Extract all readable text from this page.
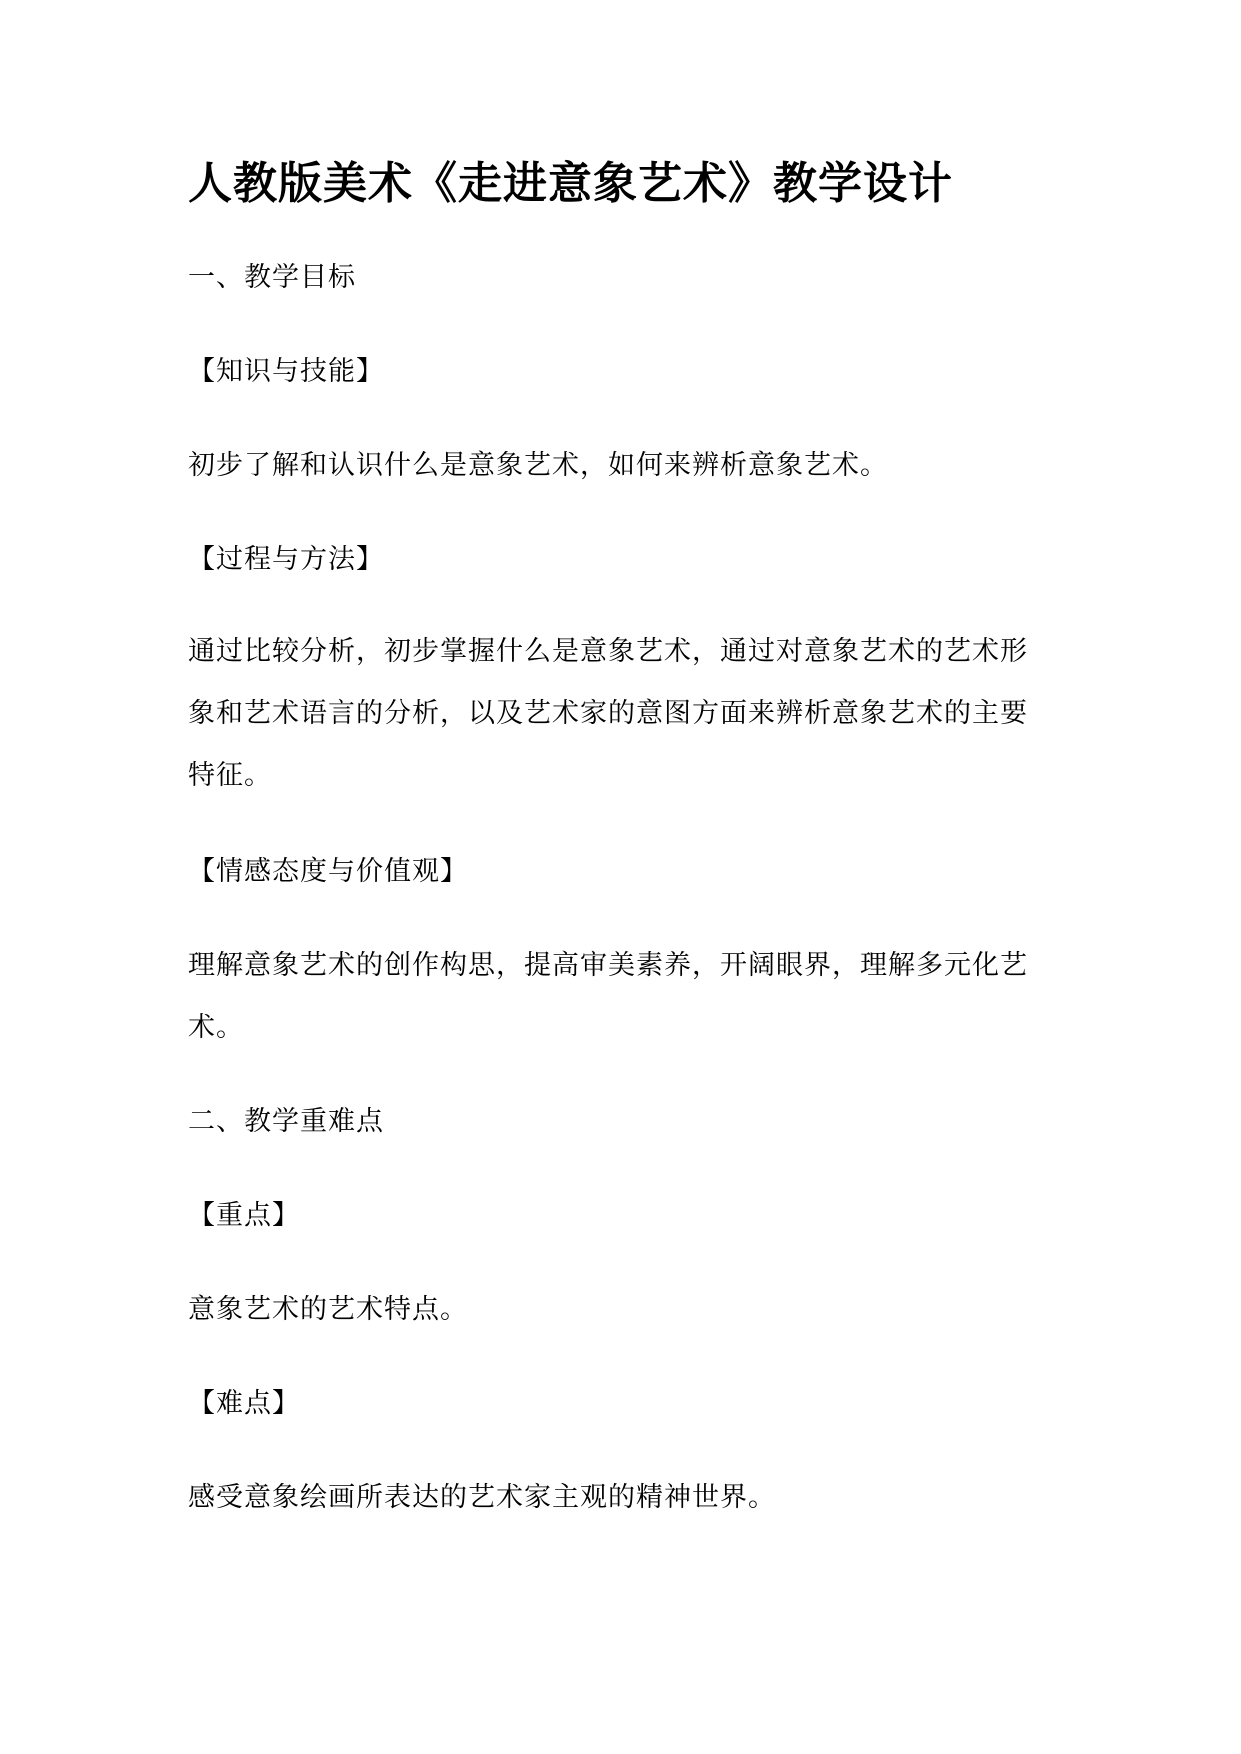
人教版美术《走进意象艺术》教学设计

一、教学目标

【知识与技能】

初步了解和认识什么是意象艺术，如何来辨析意象艺术。

【过程与方法】

通过比较分析，初步掌握什么是意象艺术，通过对意象艺术的艺术形

象和艺术语言的分析，以及艺术家的意图方面来辨析意象艺术的主要

特征。

【情感态度与价值观】

理解意象艺术的创作构思，提高审美素养，开阔眼界，理解多元化艺

术。

二、教学重难点

【重点】

意象艺术的艺术特点。

【难点】

感受意象绘画所表达的艺术家主观的精神世界。
